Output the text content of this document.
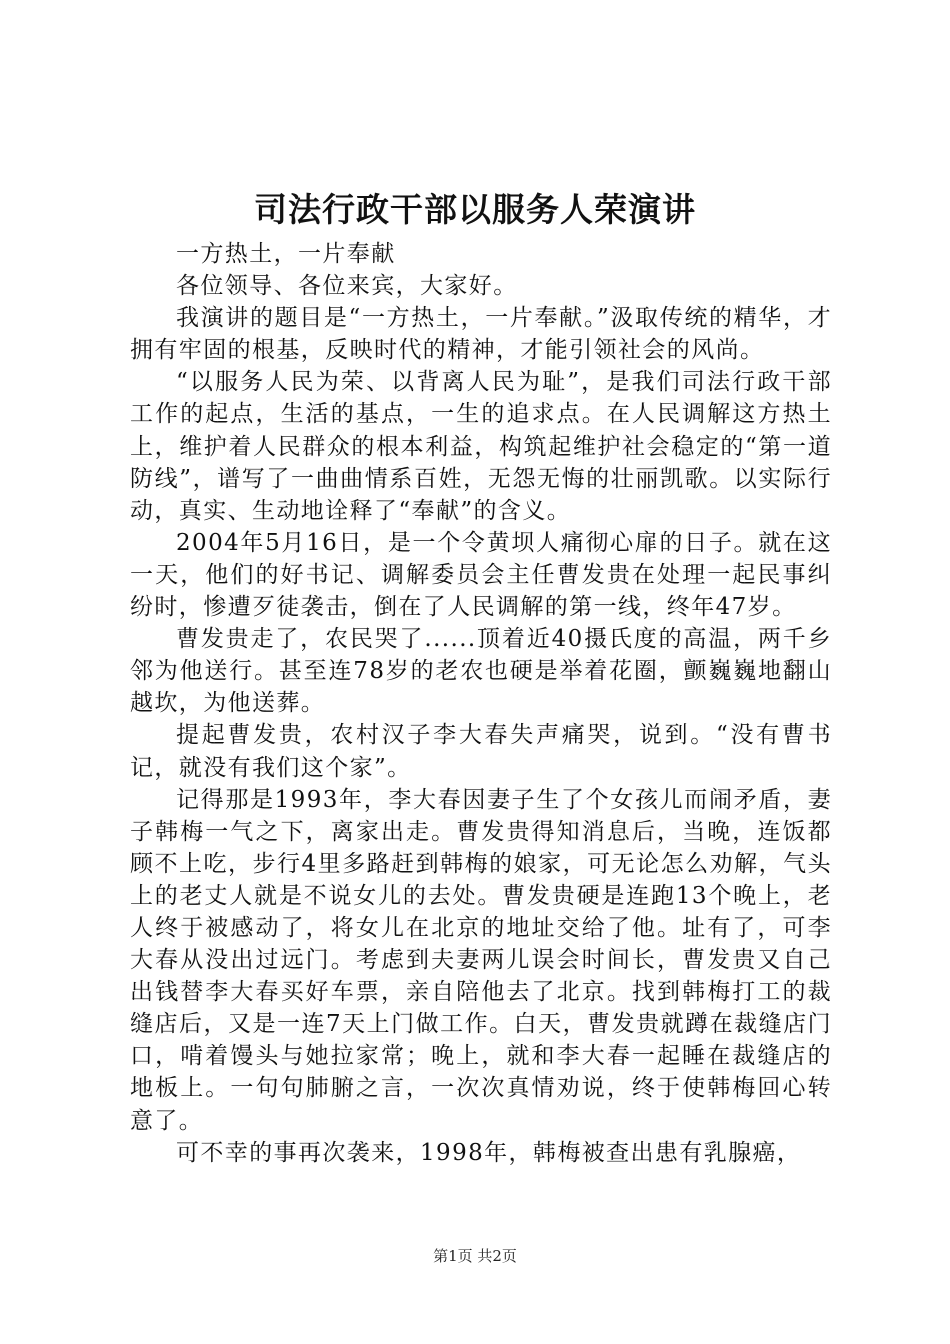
司法行政干部以服务人荣演讲

一方热土，一片奉献

各位领导、各位来宾，大家好。

我演讲的题目是“一方热土，一片奉献。”汲取传统的精华，才拥有牢固的根基，反映时代的精神，才能引领社会的风尚。

“以服务人民为荣、以背离人民为耻”，是我们司法行政干部工作的起点，生活的基点，一生的追求点。在人民调解这方热土上，维护着人民群众的根本利益，构筑起维护社会稳定的“第一道防线”，谱写了一曲曲情系百姓，无怨无悔的壮丽凯歌。以实际行动，真实、生动地诠释了“奉献”的含义。

2004年5月16日，是一个令黄坝人痛彻心扉的日子。就在这一天，他们的好书记、调解委员会主任曹发贵在处理一起民事纠纷时，惨遭歹徒袭击，倒在了人民调解的第一线，终年47岁。

曹发贵走了，农民哭了......顶着近40摄氏度的高温，两千乡邻为他送行。甚至连78岁的老农也硬是举着花圈，颤巍巍地翻山越坎，为他送葬。

提起曹发贵，农村汉子李大春失声痛哭，说到。“没有曹书记，就没有我们这个家”。

记得那是1993年，李大春因妻子生了个女孩儿而闹矛盾，妻子韩梅一气之下，离家出走。曹发贵得知消息后，当晚，连饭都顾不上吃，步行4里多路赶到韩梅的娘家，可无论怎么劝解，气头上的老丈人就是不说女儿的去处。曹发贵硬是连跑13个晚上，老人终于被感动了，将女儿在北京的地址交给了他。址有了，可李大春从没出过远门。考虑到夫妻两儿误会时间长，曹发贵又自己出钱替李大春买好车票，亲自陪他去了北京。找到韩梅打工的裁缝店后，又是一连7天上门做工作。白天，曹发贵就蹲在裁缝店门口，啃着馒头与她拉家常；晚上，就和李大春一起睡在裁缝店的地板上。一句句肺腑之言，一次次真情劝说，终于使韩梅回心转意了。

可不幸的事再次袭来，1998年，韩梅被查出患有乳腺癌，

第1页 共2页
